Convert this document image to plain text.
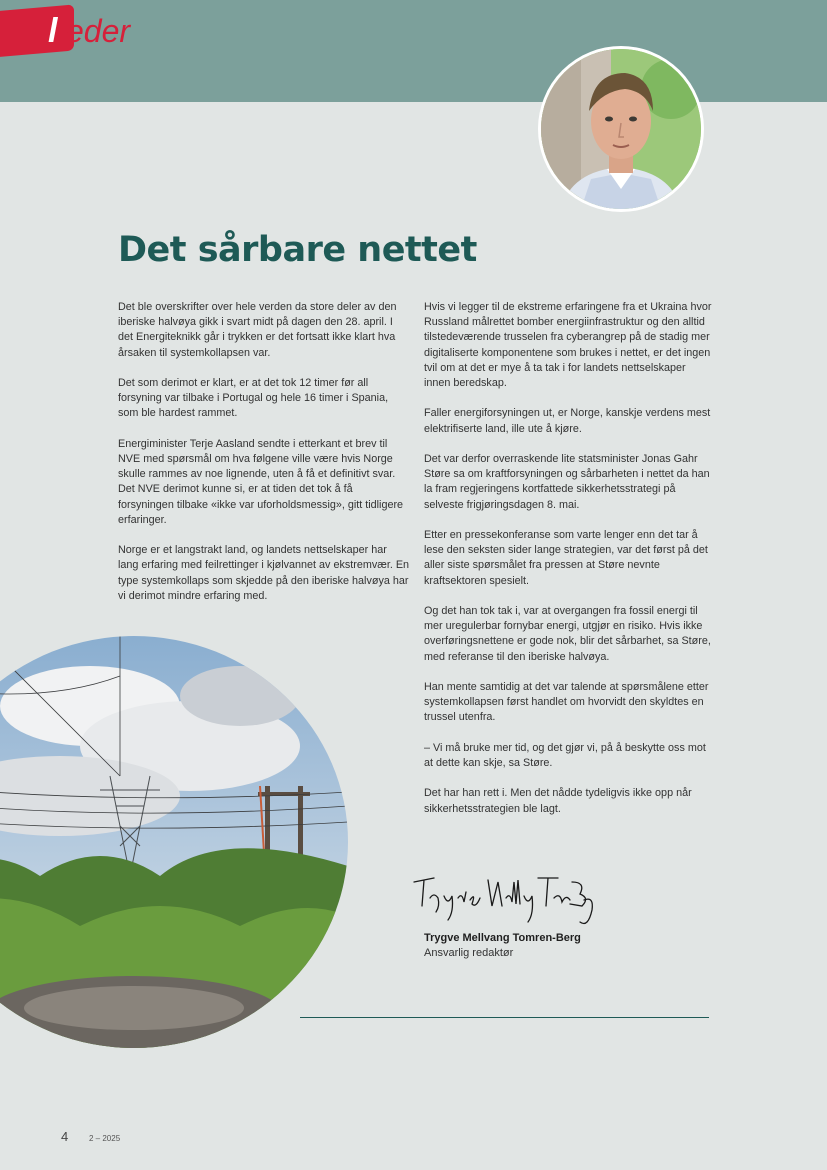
l eder
Det sårbare nettet

Det ble overskrifter over hele verden da store deler av den iberiske halvøya gikk i svart midt på dagen den 28. april. I det Energiteknikk går i trykken er det fortsatt ikke klart hva årsaken til systemkollapsen var.

Det som derimot er klart, er at det tok 12 timer før all forsyning var tilbake i Portugal og hele 16 timer i Spania, som ble hardest rammet.

Energiminister Terje Aasland sendte i etterkant et brev til NVE med spørsmål om hva følgene ville være hvis Norge skulle rammes av noe lignende, uten å få et definitivt svar. Det NVE derimot kunne si, er at tiden det tok å få forsyningen tilbake «ikke var uforholdsmessig», gitt tidligere erfaringer.

Norge er et langstrakt land, og landets nettselskaper har lang erfaring med feilrettinger i kjølvannet av ekstremvær. En type systemkollaps som skjedde på den iberiske halvøya har vi derimot mindre erfaring med.

Hvis vi legger til de ekstreme erfaringene fra et Ukraina hvor Russland målrettet bomber energiinfrastruktur og den alltid tilstedeværende trusselen fra cyberangrep på de stadig mer digitaliserte komponentene som brukes i nettet, er det ingen tvil om at det er mye å ta tak i for landets nettselskaper innen beredskap.

Faller energiforsyningen ut, er Norge, kanskje verdens mest elektrifiserte land, ille ute å kjøre.

Det var derfor overraskende lite statsminister Jonas Gahr Støre sa om kraftforsyningen og sårbarheten i nettet da han la fram regjeringens kortfattede sikkerhetsstrategi på selveste frigjøringsdagen 8. mai.

Etter en pressekonferanse som varte lenger enn det tar å lese den seksten sider lange strategien, var det først på det aller siste spørsmålet fra pressen at Støre nevnte kraftsektoren spesielt.

Og det han tok tak i, var at overgangen fra fossil energi til mer uregulerbar fornybar energi, utgjør en risiko. Hvis ikke overføringsnettene er gode nok, blir det sårbarhet, sa Støre, med referanse til den iberiske halvøya.

Han mente samtidig at det var talende at spørsmålene etter systemkollapsen først handlet om hvorvidt den skyldtes en trussel utenfra.

– Vi må bruke mer tid, og det gjør vi, på å beskytte oss mot at dette kan skje, sa Støre.

Det har han rett i. Men det nådde tydeligvis ikke opp når sikkerhetsstrategien ble lagt.

Trygve Mellvang Tomren-Berg
Ansvarlig redaktør
4	2 – 2025
